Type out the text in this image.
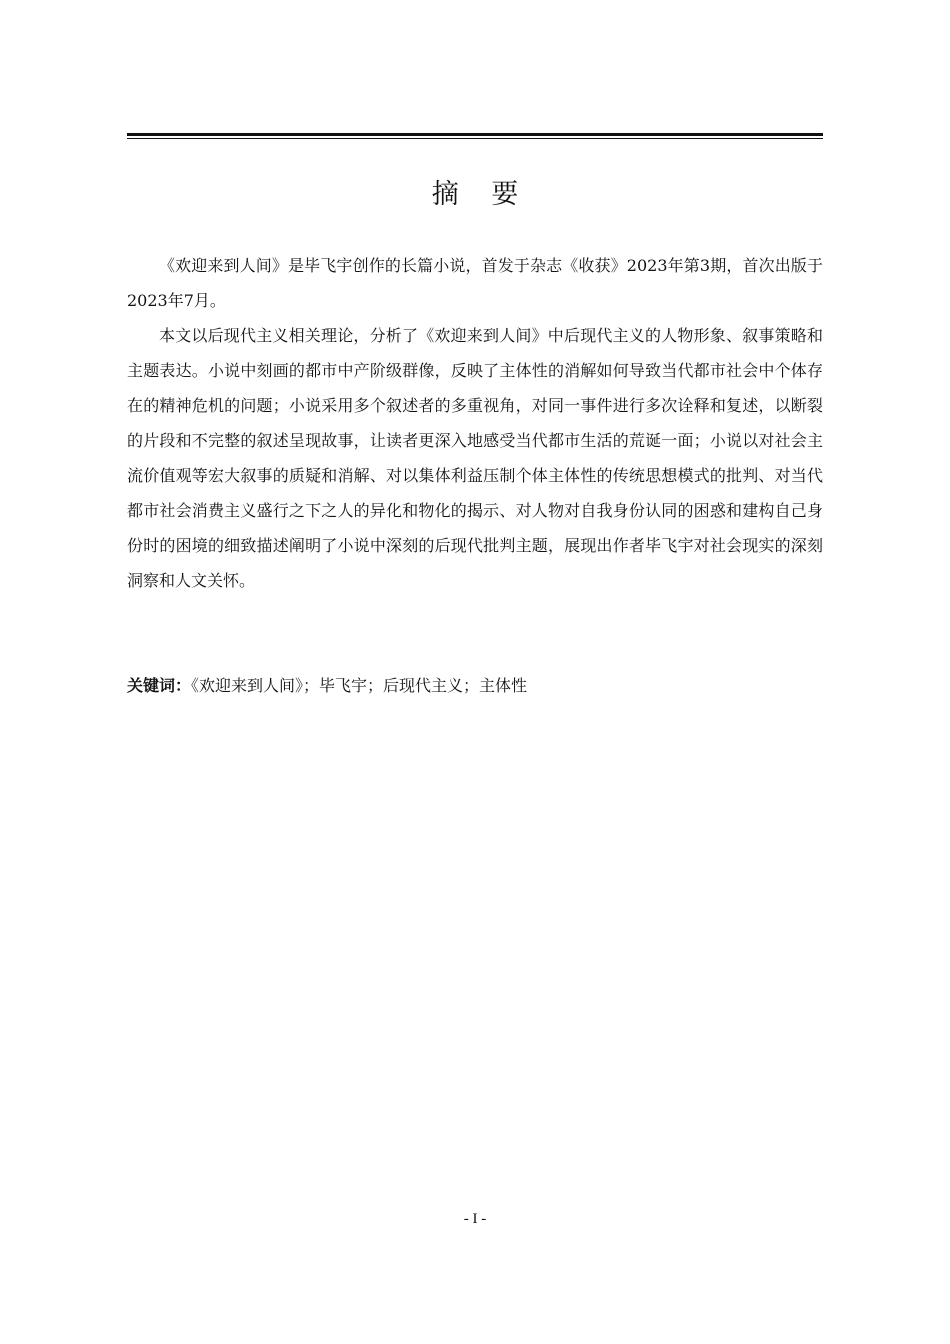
摘 要

《欢迎来到人间》是毕飞宇创作的长篇小说，首发于杂志《收获》2023年第3期，首次出版于2023年7月。

本文以后现代主义相关理论，分析了《欢迎来到人间》中后现代主义的人物形象、叙事策略和主题表达。小说中刻画的都市中产阶级群像，反映了主体性的消解如何导致当代都市社会中个体存在的精神危机的问题；小说采用多个叙述者的多重视角，对同一事件进行多次诠释和复述，以断裂的片段和不完整的叙述呈现故事，让读者更深入地感受当代都市生活的荒诞一面；小说以对社会主流价值观等宏大叙事的质疑和消解、对以集体利益压制个体主体性的传统思想模式的批判、对当代都市社会消费主义盛行之下之人的异化和物化的揭示、对人物对自我身份认同的困惑和建构自己身份时的困境的细致描述阐明了小说中深刻的后现代批判主题，展现出作者毕飞宇对社会现实的深刻洞察和人文关怀。

关键词：《欢迎来到人间》；毕飞宇；后现代主义；主体性
- I -
